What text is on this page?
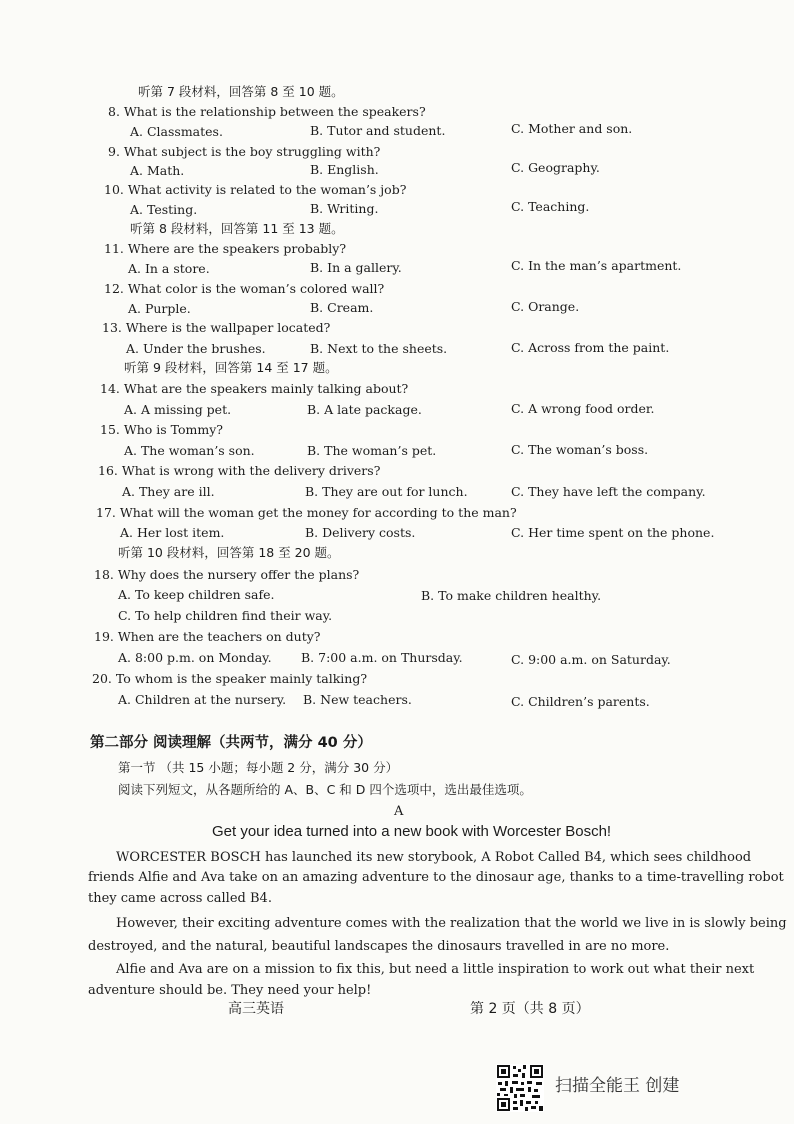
听第 7 段材料，回答第 8 至 10 题。
8. What is the relationship between the speakers?
A. Classmates.	B. Tutor and student.	C. Mother and son.
9. What subject is the boy struggling with?
A. Math.	B. English.	C. Geography.
10. What activity is related to the woman’s job?
A. Testing.	B. Writing.	C. Teaching.
听第 8 段材料，回答第 11 至 13 题。
11. Where are the speakers probably?
A. In a store.	B. In a gallery.	C. In the man’s apartment.
12. What color is the woman’s colored wall?
A. Purple.	B. Cream.	C. Orange.
13. Where is the wallpaper located?
A. Under the brushes.	B. Next to the sheets.	C. Across from the paint.
听第 9 段材料，回答第 14 至 17 题。
14. What are the speakers mainly talking about?
A. A missing pet.	B. A late package.	C. A wrong food order.
15. Who is Tommy?
A. The woman’s son.	B. The woman’s pet.	C. The woman’s boss.
16. What is wrong with the delivery drivers?
A. They are ill.	B. They are out for lunch.	C. They have left the company.
17. What will the woman get the money for according to the man?
A. Her lost item.	B. Delivery costs.	C. Her time spent on the phone.
听第 10 段材料，回答第 18 至 20 题。
18. Why does the nursery offer the plans?
A. To keep children safe.	B. To make children healthy.
C. To help children find their way.
19. When are the teachers on duty?
A. 8:00 p.m. on Monday. B. 7:00 a.m. on Thursday.	C. 9:00 a.m. on Saturday.
20. To whom is the speaker mainly talking?
A. Children at the nursery. B. New teachers.	C. Children’s parents.
第二部分 阅读理解（共两节，满分 40 分）
第一节 （共 15 小题；每小题 2 分，满分 30 分）
阅读下列短文，从各题所给的 A、B、C 和 D 四个选项中，选出最佳选项。
A
Get your idea turned into a new book with Worcester Bosch!
WORCESTER BOSCH has launched its new storybook, A Robot Called B4, which sees childhood
friends Alfie and Ava take on an amazing adventure to the dinosaur age, thanks to a time-travelling robot
they came across called B4.
However, their exciting adventure comes with the realization that the world we live in is slowly being
destroyed, and the natural, beautiful landscapes the dinosaurs travelled in are no more.
Alfie and Ava are on a mission to fix this, but need a little inspiration to work out what their next
adventure should be. They need your help!
高三英语	第 2 页（共 8 页）
扫描全能王 创建
